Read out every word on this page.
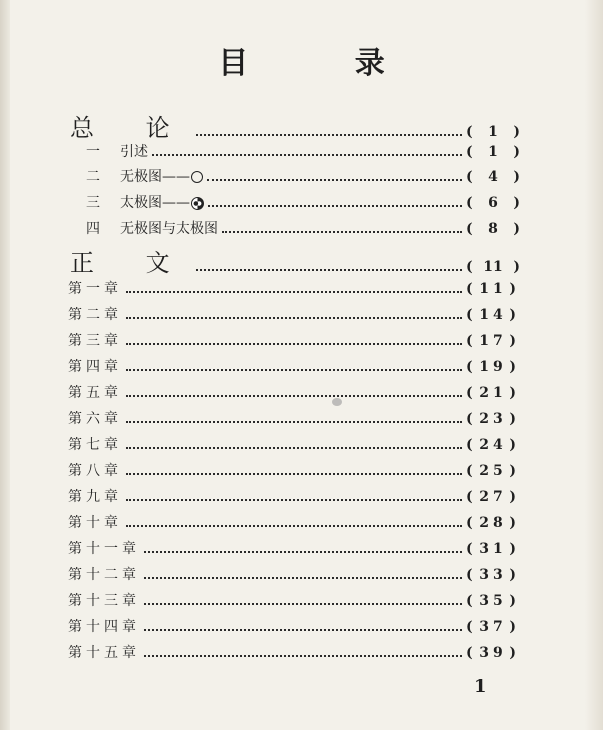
目 录
总 论	( 1 )
一 引述	( 1 )
二 无极图——	( 4 )
三 太极图——	( 6 )
四 无极图与太极图	( 8 )
正 文	( 11 )
第一章	( 11 )
第二章	( 14 )
第三章	( 17 )
第四章	( 19 )
第五章	( 21 )
第六章	( 23 )
第七章	( 24 )
第八章	( 25 )
第九章	( 27 )
第十章	( 28 )
第十一章	( 31 )
第十二章	( 33 )
第十三章	( 35 )
第十四章	( 37 )
第十五章	( 39 )
1
